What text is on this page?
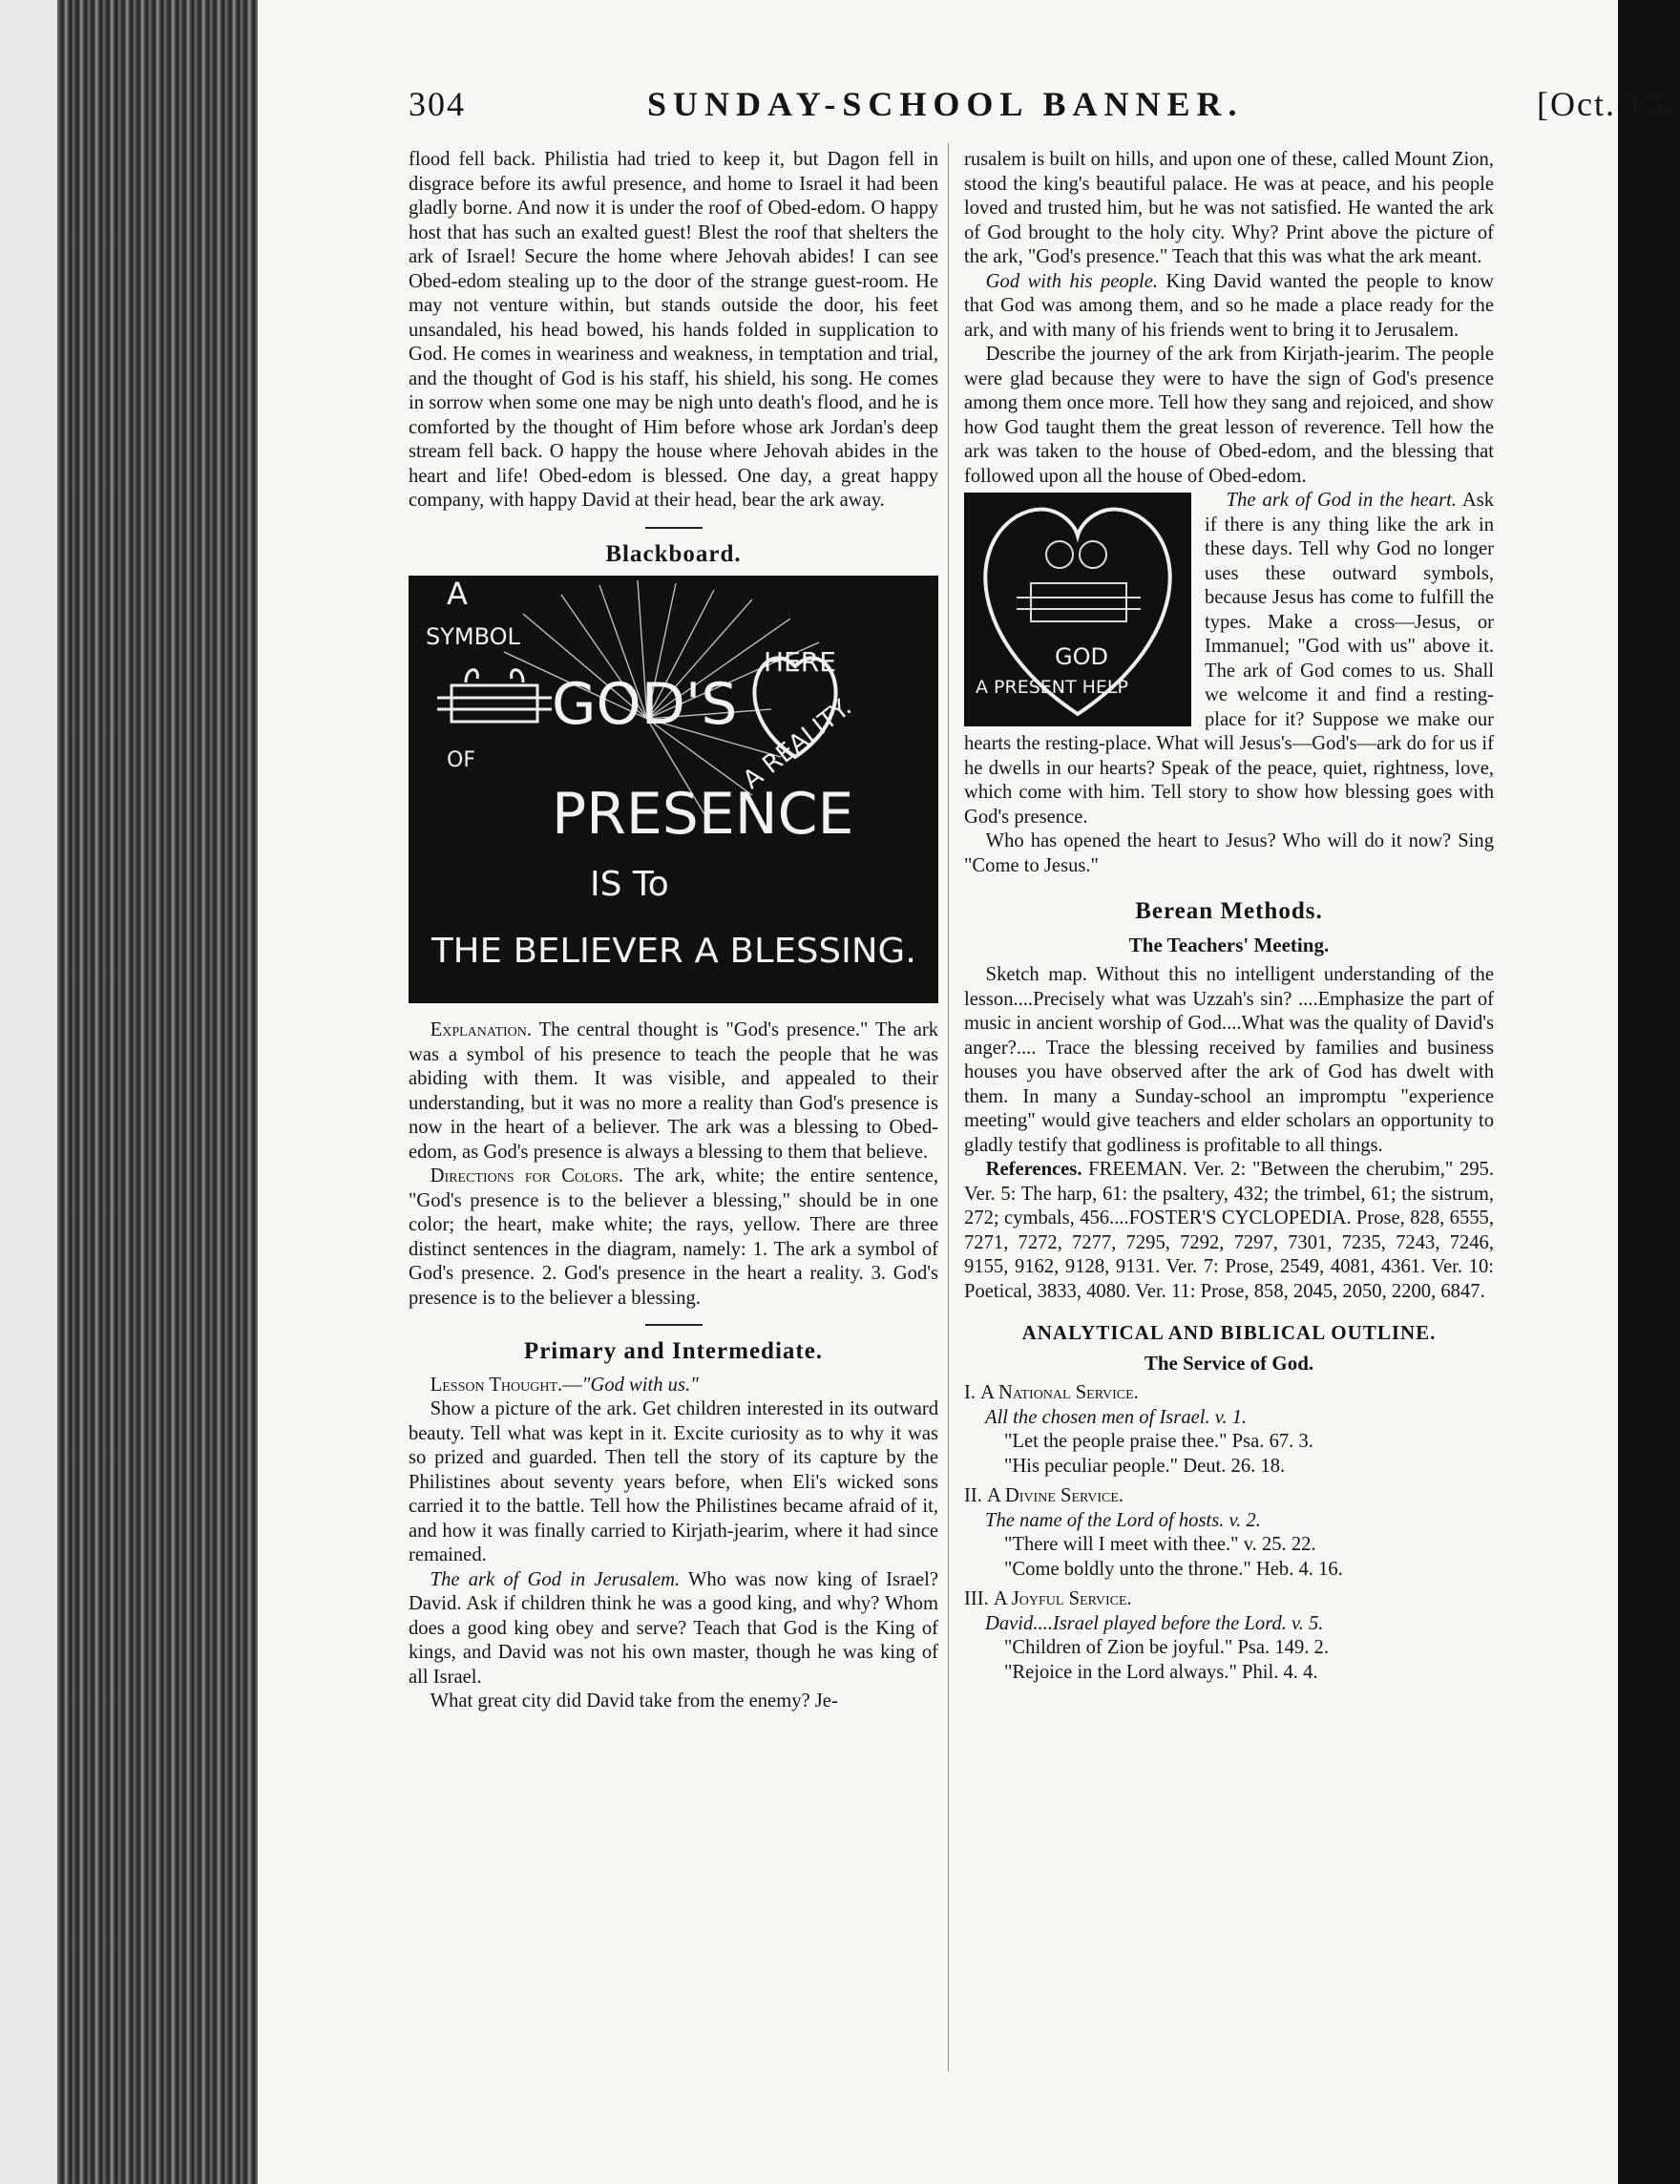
304	SUNDAY-SCHOOL BANNER.	[Oct. 13.

flood fell back. Philistia had tried to keep it, but Dagon fell in disgrace before its awful presence, and home to Israel it had been gladly borne. And now it is under the roof of Obed-edom. O happy host that has such an exalted guest! Blest the roof that shelters the ark of Israel! Secure the home where Jehovah abides! I can see Obed-edom stealing up to the door of the strange guest-room. He may not venture within, but stands outside the door, his feet unsandaled, his head bowed, his hands folded in supplication to God. He comes in weariness and weakness, in temptation and trial, and the thought of God is his staff, his shield, his song. He comes in sorrow when some one may be nigh unto death's flood, and he is comforted by the thought of Him before whose ark Jordan's deep stream fell back. O happy the house where Jehovah abides in the heart and life! Obed-edom is blessed. One day, a great happy company, with happy David at their head, bear the ark away.

Blackboard.
A
SYMBOL
OF
GOD'S
HERE
A REALITY.
PRESENCE
IS To
THE BELIEVER A BLESSING.

Explanation. The central thought is "God's presence." The ark was a symbol of his presence to teach the people that he was abiding with them. It was visible, and appealed to their understanding, but it was no more a reality than God's presence is now in the heart of a believer. The ark was a blessing to Obed-edom, as God's presence is always a blessing to them that believe.

Directions for Colors. The ark, white; the entire sentence, "God's presence is to the believer a blessing," should be in one color; the heart, make white; the rays, yellow. There are three distinct sentences in the diagram, namely: 1. The ark a symbol of God's presence. 2. God's presence in the heart a reality. 3. God's presence is to the believer a blessing.

Primary and Intermediate.

Lesson Thought.—"God with us."

Show a picture of the ark. Get children interested in its outward beauty. Tell what was kept in it. Excite curiosity as to why it was so prized and guarded. Then tell the story of its capture by the Philistines about seventy years before, when Eli's wicked sons carried it to the battle. Tell how the Philistines became afraid of it, and how it was finally carried to Kirjath-jearim, where it had since remained.

The ark of God in Jerusalem. Who was now king of Israel? David. Ask if children think he was a good king, and why? Whom does a good king obey and serve? Teach that God is the King of kings, and David was not his own master, though he was king of all Israel.

What great city did David take from the enemy? Je-

rusalem is built on hills, and upon one of these, called Mount Zion, stood the king's beautiful palace. He was at peace, and his people loved and trusted him, but he was not satisfied. He wanted the ark of God brought to the holy city. Why? Print above the picture of the ark, "God's presence." Teach that this was what the ark meant.

God with his people. King David wanted the people to know that God was among them, and so he made a place ready for the ark, and with many of his friends went to bring it to Jerusalem.

Describe the journey of the ark from Kirjath-jearim. The people were glad because they were to have the sign of God's presence among them once more. Tell how they sang and rejoiced, and show how God taught them the great lesson of reverence. Tell how the ark was taken to the house of Obed-edom, and the blessing that followed upon all the house of Obed-edom.

GOD
A PRESENT HELP

The ark of God in the heart. Ask if there is any thing like the ark in these days. Tell why God no longer uses these outward symbols, because Jesus has come to fulfill the types. Make a cross—Jesus, or Immanuel; "God with us" above it. The ark of God comes to us. Shall we welcome it and find a resting-place for it? Suppose we make our hearts the resting-place. What will Jesus's—God's—ark do for us if he dwells in our hearts? Speak of the peace, quiet, rightness, love, which come with him. Tell story to show how blessing goes with God's presence.

Who has opened the heart to Jesus? Who will do it now? Sing "Come to Jesus."

Berean Methods.
The Teachers' Meeting.

Sketch map. Without this no intelligent understanding of the lesson....Precisely what was Uzzah's sin? ....Emphasize the part of music in ancient worship of God....What was the quality of David's anger?.... Trace the blessing received by families and business houses you have observed after the ark of God has dwelt with them. In many a Sunday-school an impromptu "experience meeting" would give teachers and elder scholars an opportunity to gladly testify that godliness is profitable to all things.

References. FREEMAN. Ver. 2: "Between the cherubim," 295. Ver. 5: The harp, 61: the psaltery, 432; the trimbel, 61; the sistrum, 272; cymbals, 456....FOSTER'S CYCLOPEDIA. Prose, 828, 6555, 7271, 7272, 7277, 7295, 7292, 7297, 7301, 7235, 7243, 7246, 9155, 9162, 9128, 9131. Ver. 7: Prose, 2549, 4081, 4361. Ver. 10: Poetical, 3833, 4080. Ver. 11: Prose, 858, 2045, 2050, 2200, 6847.

ANALYTICAL AND BIBLICAL OUTLINE.
The Service of God.

I. A National Service.

All the chosen men of Israel. v. 1.

"Let the people praise thee." Psa. 67. 3.

"His peculiar people." Deut. 26. 18.

II. A Divine Service.

The name of the Lord of hosts. v. 2.

"There will I meet with thee." v. 25. 22.

"Come boldly unto the throne." Heb. 4. 16.

III. A Joyful Service.

David....Israel played before the Lord. v. 5.

"Children of Zion be joyful." Psa. 149. 2.

"Rejoice in the Lord always." Phil. 4. 4.
